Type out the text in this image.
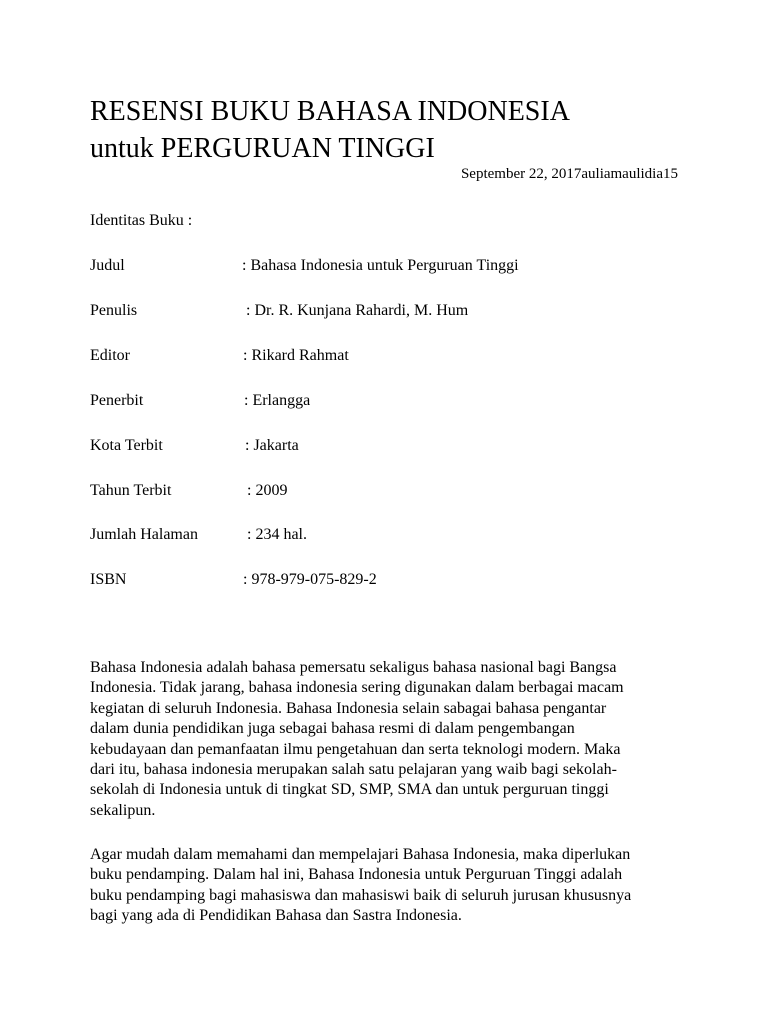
RESENSI BUKU BAHASA INDONESIA
untuk PERGURUAN TINGGI
September 22, 2017auliamaulidia15
Identitas Buku :
Judul	: Bahasa Indonesia untuk Perguruan Tinggi
Penulis	: Dr. R. Kunjana Rahardi, M. Hum
Editor	: Rikard Rahmat
Penerbit	: Erlangga
Kota Terbit	: Jakarta
Tahun Terbit	: 2009
Jumlah Halaman	: 234 hal.
ISBN	: 978-979-075-829-2

Bahasa Indonesia adalah bahasa pemersatu sekaligus bahasa nasional bagi Bangsa
Indonesia. Tidak jarang, bahasa indonesia sering digunakan dalam berbagai macam
kegiatan di seluruh Indonesia. Bahasa Indonesia selain sabagai bahasa pengantar
dalam dunia pendidikan juga sebagai bahasa resmi di dalam pengembangan
kebudayaan dan pemanfaatan ilmu pengetahuan dan serta teknologi modern. Maka
dari itu, bahasa indonesia merupakan salah satu pelajaran yang waib bagi sekolah-
sekolah di Indonesia untuk di tingkat SD, SMP, SMA dan untuk perguruan tinggi
sekalipun.

Agar mudah dalam memahami dan mempelajari Bahasa Indonesia, maka diperlukan
buku pendamping. Dalam hal ini, Bahasa Indonesia untuk Perguruan Tinggi adalah
buku pendamping bagi mahasiswa dan mahasiswi baik di seluruh jurusan khususnya
bagi yang ada di Pendidikan Bahasa dan Sastra Indonesia.
